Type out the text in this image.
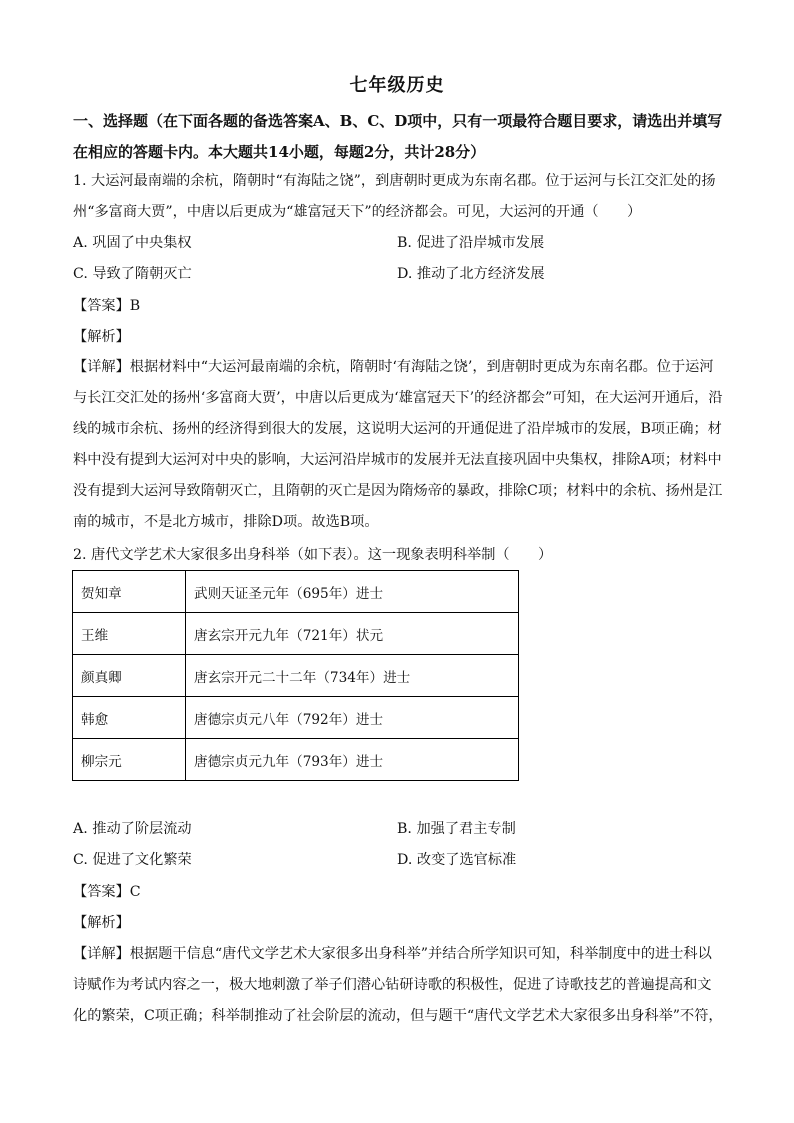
七年级历史
一、选择题（在下面各题的备选答案A、B、C、D项中，只有一项最符合题目要求，请选出并填写在相应的答题卡内。本大题共14小题，每题2分，共计28分）
1. 大运河最南端的余杭，隋朝时“有海陆之饶”，到唐朝时更成为东南名郡。位于运河与长江交汇处的扬州“多富商大贾”，中唐以后更成为“雄富冠天下”的经济都会。可见，大运河的开通（　　）
A. 巩固了中央集权	B. 促进了沿岸城市发展
C. 导致了隋朝灭亡	D. 推动了北方经济发展
【答案】B
【解析】
【详解】根据材料中“大运河最南端的余杭，隋朝时‘有海陆之饶’，到唐朝时更成为东南名郡。位于运河与长江交汇处的扬州‘多富商大贾’，中唐以后更成为‘雄富冠天下’的经济都会”可知，在大运河开通后，沿线的城市余杭、扬州的经济得到很大的发展，这说明大运河的开通促进了沿岸城市的发展，B项正确；材料中没有提到大运河对中央的影响，大运河沿岸城市的发展并无法直接巩固中央集权，排除A项；材料中没有提到大运河导致隋朝灭亡，且隋朝的灭亡是因为隋炀帝的暴政，排除C项；材料中的余杭、扬州是江南的城市，不是北方城市，排除D项。故选B项。
2. 唐代文学艺术大家很多出身科举（如下表）。这一现象表明科举制（　　）
贺知章	武则天证圣元年（695年）进士
王维	唐玄宗开元九年（721年）状元
颜真卿	唐玄宗开元二十二年（734年）进士
韩愈	唐德宗贞元八年（792年）进士
柳宗元	唐德宗贞元九年（793年）进士
A. 推动了阶层流动	B. 加强了君主专制
C. 促进了文化繁荣	D. 改变了选官标准
【答案】C
【解析】
【详解】根据题干信息“唐代文学艺术大家很多出身科举”并结合所学知识可知，科举制度中的进士科以诗赋作为考试内容之一，极大地刺激了举子们潜心钻研诗歌的积极性，促进了诗歌技艺的普遍提高和文化的繁荣，C项正确；科举制推动了社会阶层的流动，但与题干“唐代文学艺术大家很多出身科举”不符，
